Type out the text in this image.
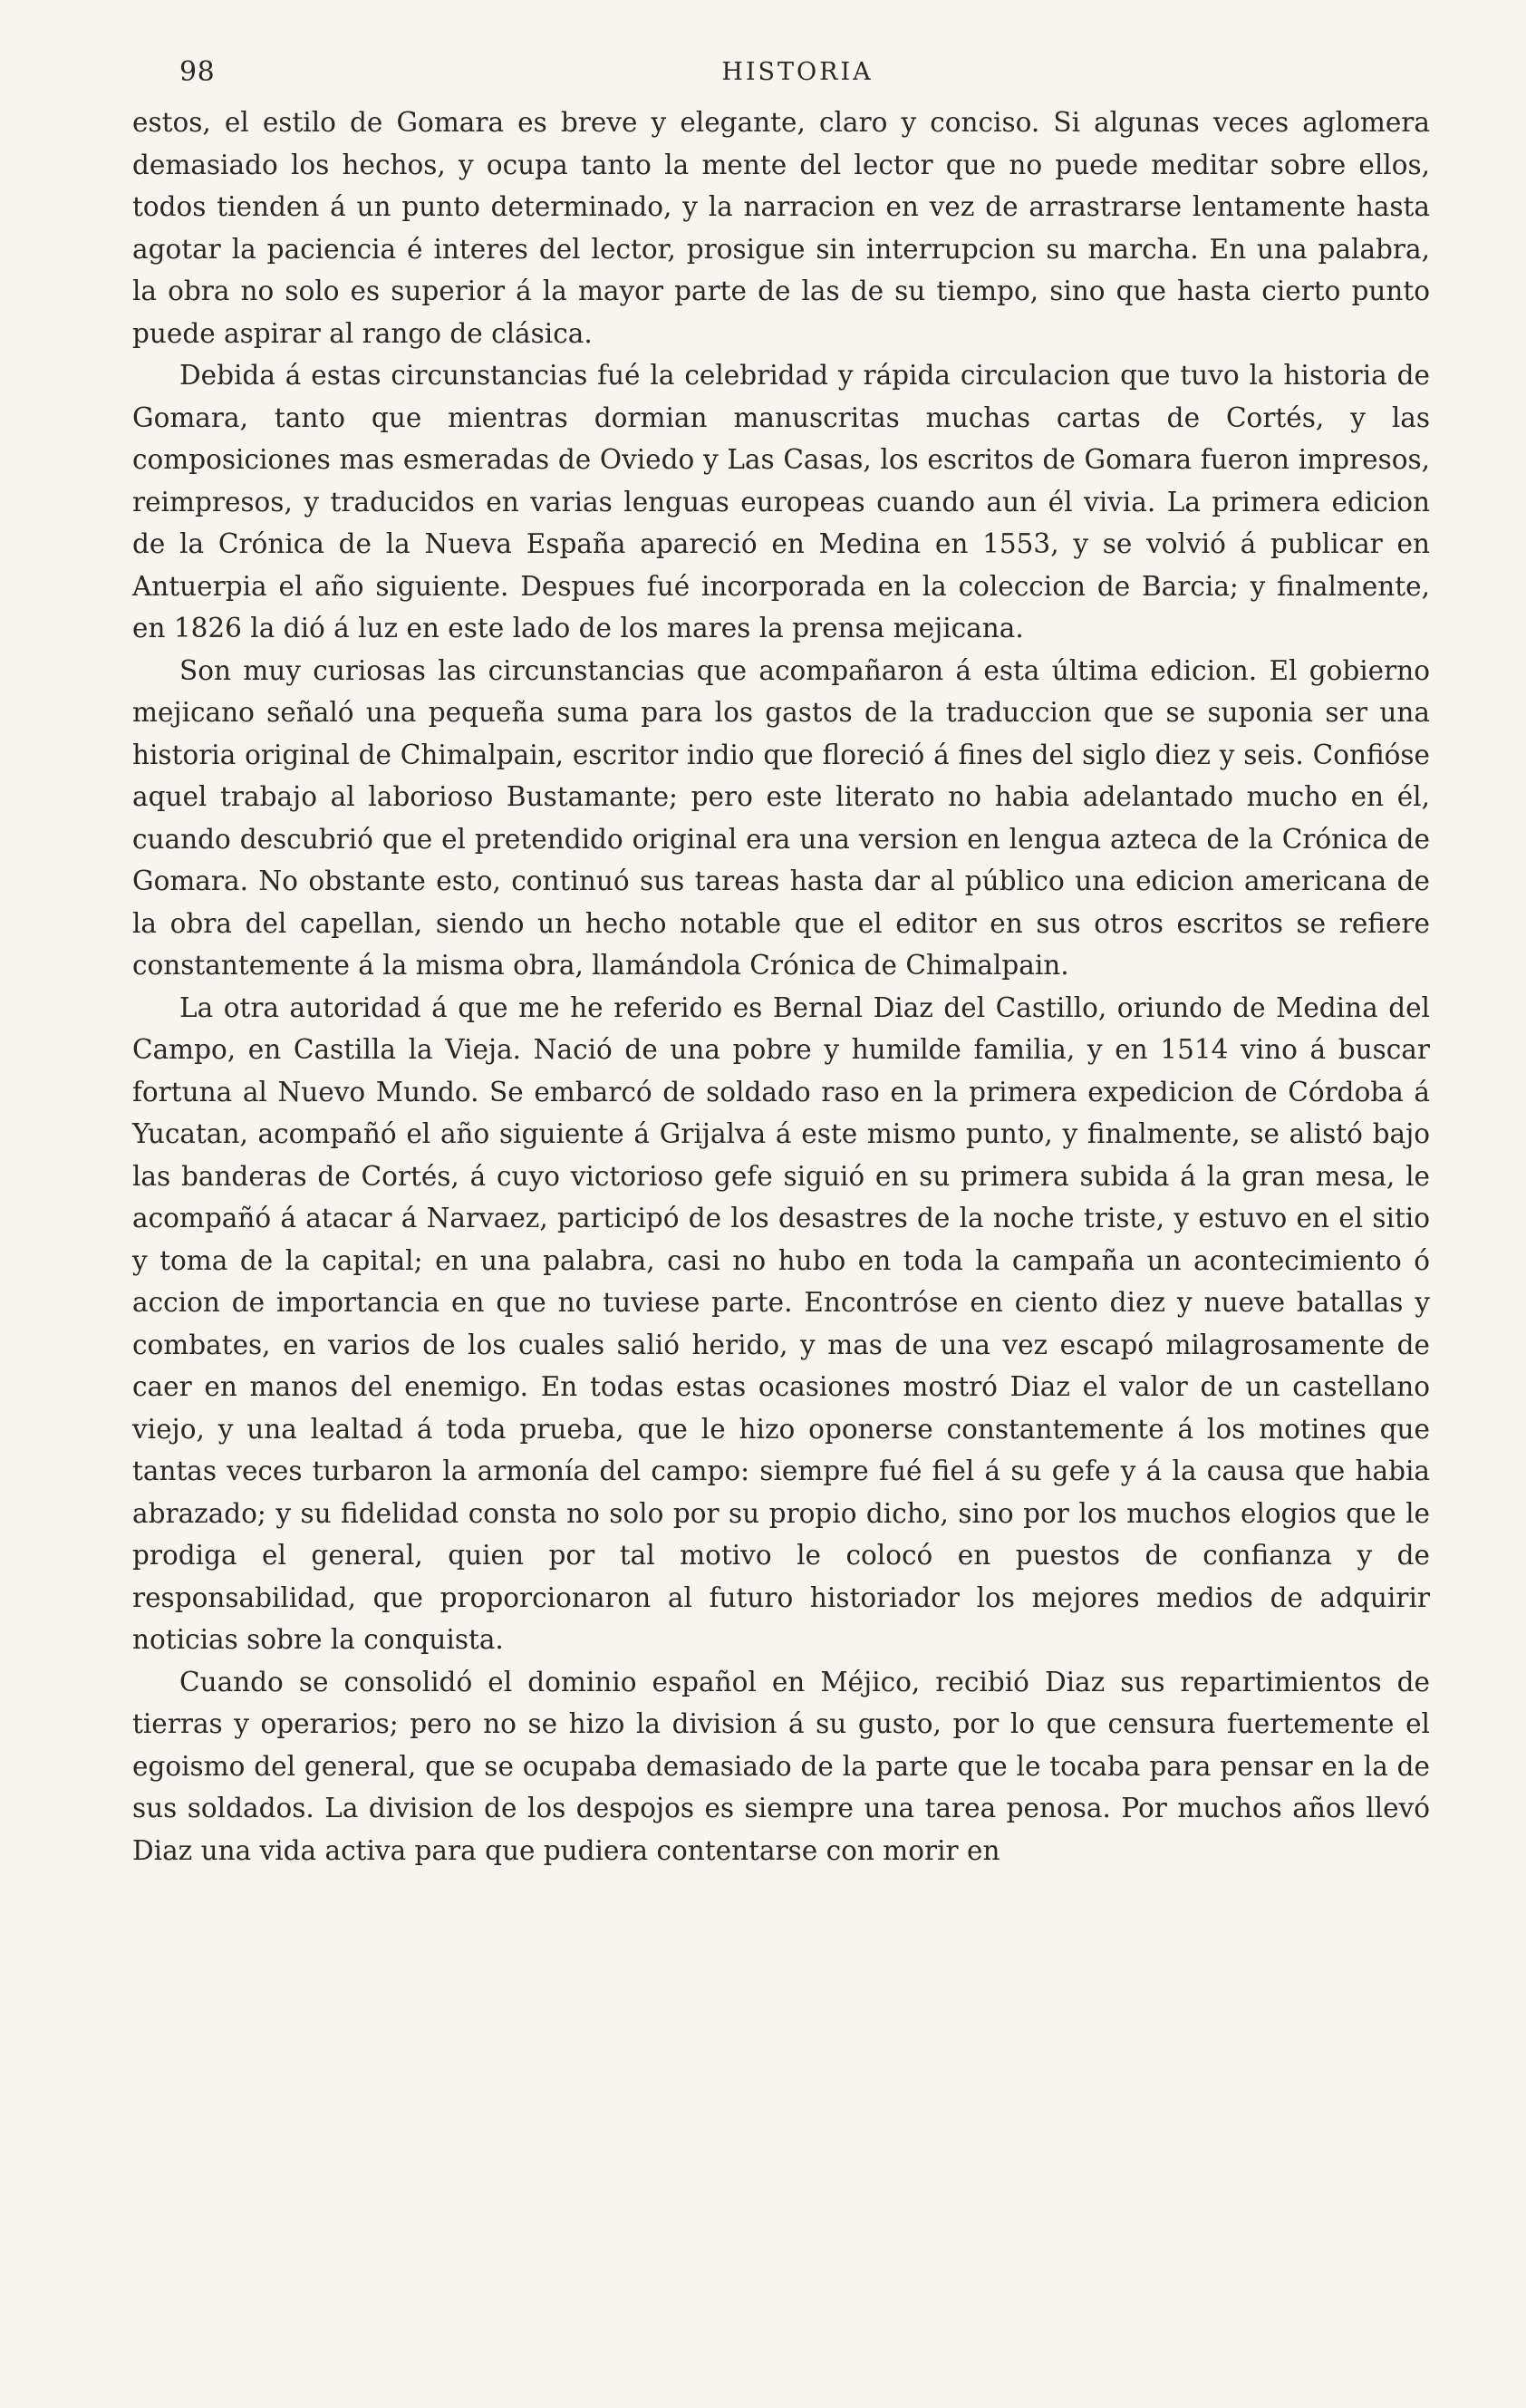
98	HISTORIA

estos, el estilo de Gomara es breve y elegante, claro y conciso. Si algunas veces aglomera demasiado los hechos, y ocupa tanto la mente del lector que no puede meditar sobre ellos, todos tienden á un punto determinado, y la narracion en vez de arrastrarse lentamente hasta agotar la paciencia é interes del lector, prosigue sin interrupcion su marcha. En una palabra, la obra no solo es superior á la mayor parte de las de su tiempo, sino que hasta cierto punto puede aspirar al rango de clásica.

Debida á estas circunstancias fué la celebridad y rápida circulacion que tuvo la historia de Gomara, tanto que mientras dormian manuscritas muchas cartas de Cortés, y las composiciones mas esmeradas de Oviedo y Las Casas, los escritos de Gomara fueron impresos, reimpresos, y traducidos en varias lenguas europeas cuando aun él vivia. La primera edicion de la Crónica de la Nueva España apareció en Medina en 1553, y se volvió á publicar en Antuerpia el año siguiente. Despues fué incorporada en la coleccion de Barcia; y finalmente, en 1826 la dió á luz en este lado de los mares la prensa mejicana.

Son muy curiosas las circunstancias que acompañaron á esta última edicion. El gobierno mejicano señaló una pequeña suma para los gastos de la traduccion que se suponia ser una historia original de Chimalpain, escritor indio que floreció á fines del siglo diez y seis. Confióse aquel trabajo al laborioso Bustamante; pero este literato no habia adelantado mucho en él, cuando descubrió que el pretendido original era una version en lengua azteca de la Crónica de Gomara. No obstante esto, continuó sus tareas hasta dar al público una edicion americana de la obra del capellan, siendo un hecho notable que el editor en sus otros escritos se refiere constantemente á la misma obra, llamándola Crónica de Chimalpain.

La otra autoridad á que me he referido es Bernal Diaz del Castillo, oriundo de Medina del Campo, en Castilla la Vieja. Nació de una pobre y humilde familia, y en 1514 vino á buscar fortuna al Nuevo Mundo. Se embarcó de soldado raso en la primera expedicion de Córdoba á Yucatan, acompañó el año siguiente á Grijalva á este mismo punto, y finalmente, se alistó bajo las banderas de Cortés, á cuyo victorioso gefe siguió en su primera subida á la gran mesa, le acompañó á atacar á Narvaez, participó de los desastres de la noche triste, y estuvo en el sitio y toma de la capital; en una palabra, casi no hubo en toda la campaña un acontecimiento ó accion de importancia en que no tuviese parte. Encontróse en ciento diez y nueve batallas y combates, en varios de los cuales salió herido, y mas de una vez escapó milagrosamente de caer en manos del enemigo. En todas estas ocasiones mostró Diaz el valor de un castellano viejo, y una lealtad á toda prueba, que le hizo oponerse constantemente á los motines que tantas veces turbaron la armonía del campo: siempre fué fiel á su gefe y á la causa que habia abrazado; y su fidelidad consta no solo por su propio dicho, sino por los muchos elogios que le prodiga el general, quien por tal motivo le colocó en puestos de confianza y de responsabilidad, que proporcionaron al futuro historiador los mejores medios de adquirir noticias sobre la conquista.

Cuando se consolidó el dominio español en Méjico, recibió Diaz sus repartimientos de tierras y operarios; pero no se hizo la division á su gusto, por lo que censura fuertemente el egoismo del general, que se ocupaba demasiado de la parte que le tocaba para pensar en la de sus soldados. La division de los despojos es siempre una tarea penosa. Por muchos años llevó Diaz una vida activa para que pudiera contentarse con morir en
